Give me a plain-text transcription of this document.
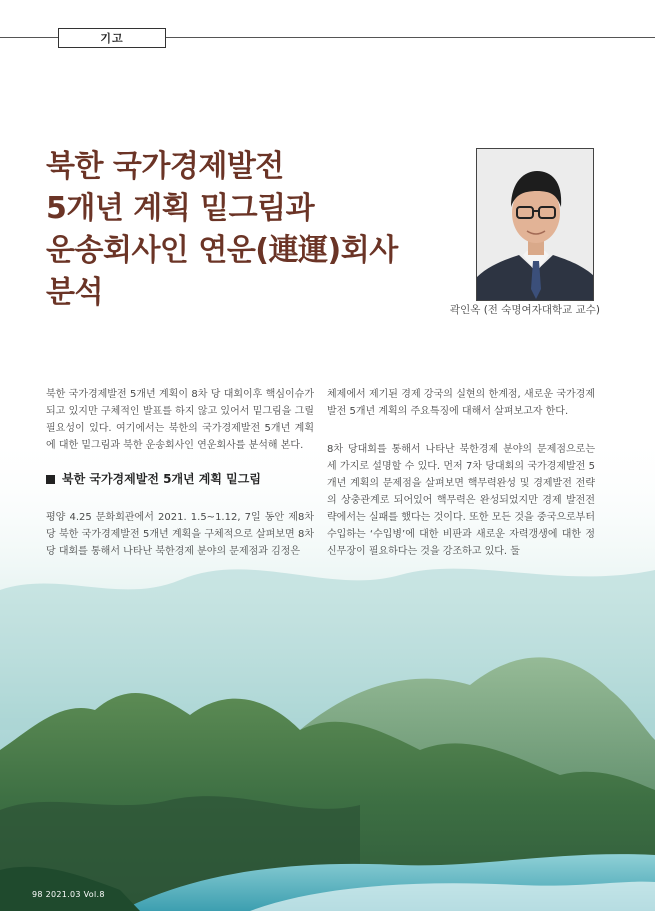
기고
북한 국가경제발전
5개년 계획 밑그림과
운송회사인 연운(連運)회사
분석	곽인옥 (전 숙명여자대학교 교수)

북한 국가경제발전 5개년 계획이 8차 당 대회이후 핵심이슈가 되고 있지만 구체적인 발표를 하지 않고 있어서 밑그림을 그릴 필요성이 있다. 여기에서는 북한의 국가경제발전 5개년 계획에 대한 밑그림과 북한 운송회사인 연운회사를 분석해 본다.

북한 국가경제발전 5개년 계획 밑그림

평양 4.25 문화회관에서 2021. 1.5~1.12, 7일 동안 제8차 당 북한 국가경제발전 5개년 계획을 구체적으로 살펴보면 8차 당 대회를 통해서 나타난 북한경제 분야의 문제점과 김정은

체제에서 제기된 경제 강국의 실현의 한계점, 새로운 국가경제발전 5개년 계획의 주요특징에 대해서 살펴보고자 한다.

8차 당대회를 통해서 나타난 북한경제 분야의 문제점으로는 세 가지로 설명할 수 있다. 먼저 7차 당대회의 국가경제발전 5개년 계획의 문제점을 살펴보면 핵무력완성 및 경제발전 전략의 상충관계로 되어있어 핵무력은 완성되었지만 경제 발전전략에서는 실패를 했다는 것이다. 또한 모든 것을 중국으로부터 수입하는 ‘수입병’에 대한 비판과 새로운 자력갱생에 대한 정신무장이 필요하다는 것을 강조하고 있다. 둘

98 2021.03 Vol.8
